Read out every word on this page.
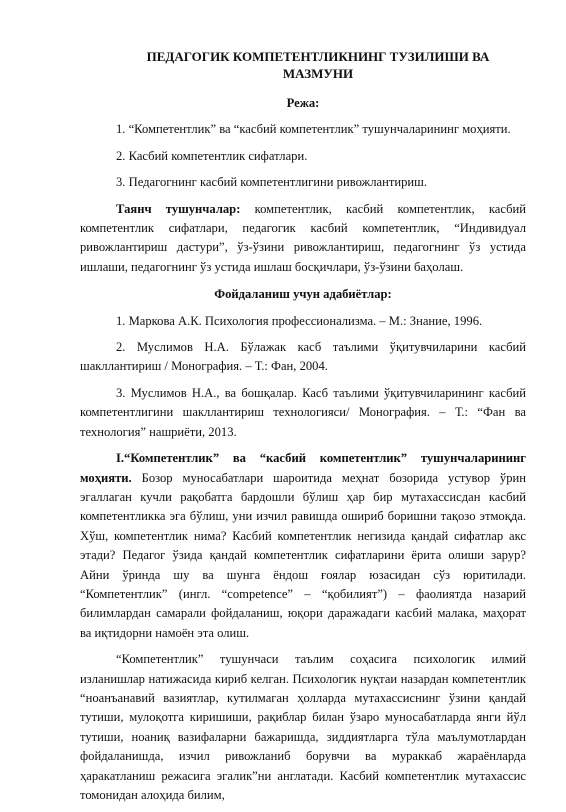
ПЕДАГОГИК КОМПЕТЕНТЛИКНИНГ ТУЗИЛИШИ ВА
МАЗМУНИ
Режа:

1. “Компетентлик” ва “касбий компетентлик” тушунчаларининг моҳияти.

2. Касбий компетентлик сифатлари.

3. Педагогнинг касбий компетентлигини ривожлантириш.

Таянч тушунчалар: компетентлик, касбий компетентлик, касбий компетентлик сифатлари, педагогик касбий компетентлик, “Индивидуал ривожлантириш дастури”, ўз-ўзини ривожлантириш, педагогнинг ўз устида ишлаши, педагогнинг ўз устида ишлаш босқичлари, ўз-ўзини баҳолаш.

Фойдаланиш учун адабиётлар:

1. Маркова А.К. Психология профессионализма. – М.: Знание, 1996.

2. Муслимов Н.А. Бўлажак касб таълими ўқитувчиларини касбий шакллантириш / Монография. – Т.: Фан, 2004.

3. Муслимов Н.А., ва бошқалар. Касб таълими ўқитувчиларининг касбий компетентлигини шакллантириш технологияси/ Монография. – Т.: “Фан ва технология” нашриёти, 2013.

I.“Компетентлик” ва “касбий компетентлик” тушунчаларининг моҳияти. Бозор муносабатлари шароитида меҳнат бозорида устувор ўрин эгаллаган кучли рақобатга бардошли бўлиш ҳар бир мутахассисдан касбий компетентликка эга бўлиш, уни изчил равишда ошириб боришни тақозо этмоқда. Хўш, компетентлик нима? Касбий компетентлик негизида қандай сифатлар акс этади? Педагог ўзида қандай компетентлик сифатларини ёрита олиши зарур? Айни ўринда шу ва шунга ёндош ғоялар юзасидан сўз юритилади. “Компетентлик” (ингл. “competence” – “қобилият”) – фаолиятда назарий билимлардан самарали фойдаланиш, юқори даражадаги касбий малака, маҳорат ва иқтидорни намоён эта олиш.

“Компетентлик” тушунчаси таълим соҳасига психологик илмий изланишлар натижасида кириб келган. Психологик нуқтаи назардан компетентлик “ноанъанавий вазиятлар, кутилмаган ҳолларда мутахассиснинг ўзини қандай тутиши, мулоқотга киришиши, рақиблар билан ўзаро муносабатларда янги йўл тутиши, ноаниқ вазифаларни бажаришда, зиддиятларга тўла маълумотлардан фойдаланишда, изчил ривожланиб борувчи ва мураккаб жараёнларда ҳаракатланиш режасига эгалик”ни англатади. Касбий компетентлик мутахассис томонидан алоҳида билим,
